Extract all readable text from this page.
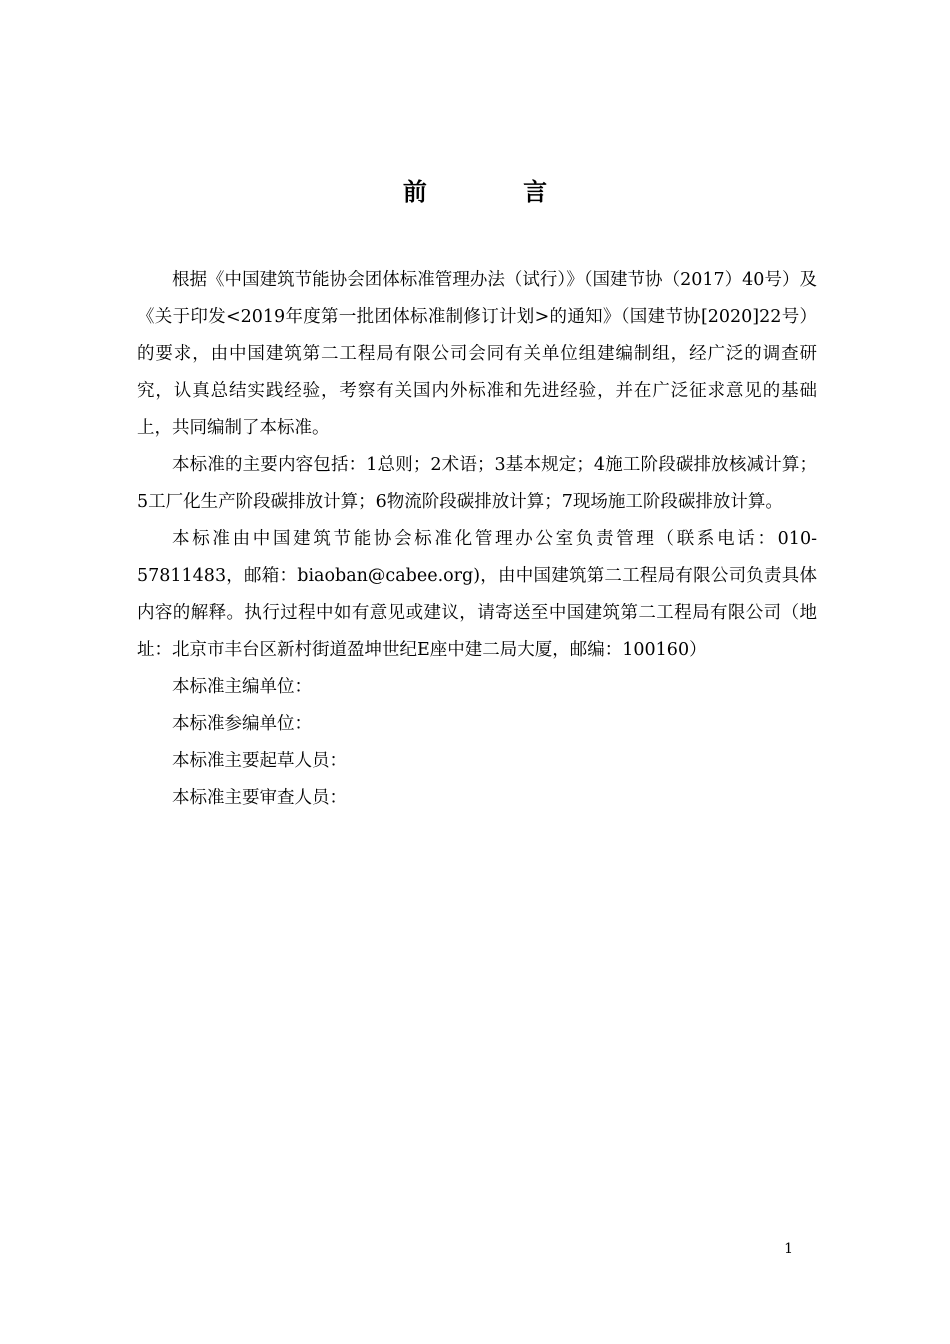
前 言

根据《中国建筑节能协会团体标准管理办法（试行）》（国建节协（2017）40号）及《关于印发<2019年度第一批团体标准制修订计划>的通知》（国建节协[2020]22号）的要求，由中国建筑第二工程局有限公司会同有关单位组建编制组，经广泛的调查研究，认真总结实践经验，考察有关国内外标准和先进经验，并在广泛征求意见的基础上，共同编制了本标准。

本标准的主要内容包括：1总则；2术语；3基本规定；4施工阶段碳排放核减计算；5工厂化生产阶段碳排放计算；6物流阶段碳排放计算；7现场施工阶段碳排放计算。

本标准由中国建筑节能协会标准化管理办公室负责管理（联系电话：010-57811483，邮箱：biaoban@cabee.org)，由中国建筑第二工程局有限公司负责具体内容的解释。执行过程中如有意见或建议，请寄送至中国建筑第二工程局有限公司（地址：北京市丰台区新村街道盈坤世纪E座中建二局大厦，邮编：100160）

本标准主编单位：

本标准参编单位：

本标准主要起草人员：

本标准主要审查人员：

1
